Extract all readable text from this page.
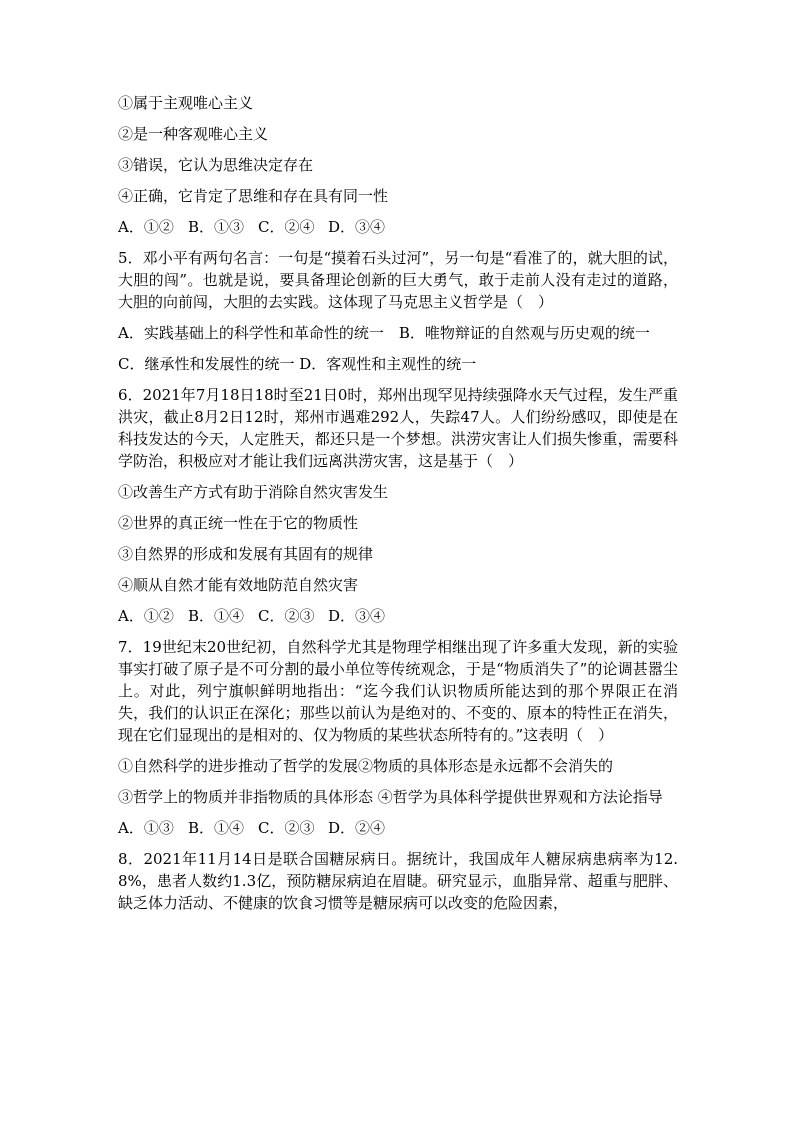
①属于主观唯心主义
②是一种客观唯心主义
③错误，它认为思维决定存在
④正确，它肯定了思维和存在具有同一性
A．①② B．①③ C．②④ D．③④
5．邓小平有两句名言：一句是“摸着石头过河”，另一句是“看准了的，就大胆的试，大胆的闯”。也就是说，要具备理论创新的巨大勇气，敢于走前人没有走过的道路，大胆的向前闯，大胆的去实践。这体现了马克思主义哲学是（　）
A．实践基础上的科学性和革命性的统一　B．唯物辩证的自然观与历史观的统一
C．继承性和发展性的统一 D．客观性和主观性的统一
6．2021年7月18日18时至21日0时，郑州出现罕见持续强降水天气过程，发生严重洪灾，截止8月2日12时，郑州市遇难292人，失踪47人。人们纷纷感叹，即使是在科技发达的今天，人定胜天，都还只是一个梦想。洪涝灾害让人们损失惨重，需要科学防治，积极应对才能让我们远离洪涝灾害，这是基于（　）
①改善生产方式有助于消除自然灾害发生
②世界的真正统一性在于它的物质性
③自然界的形成和发展有其固有的规律
④顺从自然才能有效地防范自然灾害
A．①② B．①④ C．②③ D．③④
7．19世纪末20世纪初，自然科学尤其是物理学相继出现了许多重大发现，新的实验事实打破了原子是不可分割的最小单位等传统观念，于是“物质消失了”的论调甚嚣尘上。对此，列宁旗帜鲜明地指出：“迄今我们认识物质所能达到的那个界限正在消失，我们的认识正在深化；那些以前认为是绝对的、不变的、原本的特性正在消失，现在它们显现出的是相对的、仅为物质的某些状态所特有的。”这表明（　）
①自然科学的进步推动了哲学的发展②物质的具体形态是永远都不会消失的
③哲学上的物质并非指物质的具体形态 ④哲学为具体科学提供世界观和方法论指导
A．①③ B．①④ C．②③ D．②④
8．2021年11月14日是联合国糖尿病日。据统计，我国成年人糖尿病患病率为12.8%，患者人数约1.3亿，预防糖尿病迫在眉睫。研究显示，血脂异常、超重与肥胖、缺乏体力活动、不健康的饮食习惯等是糖尿病可以改变的危险因素，
